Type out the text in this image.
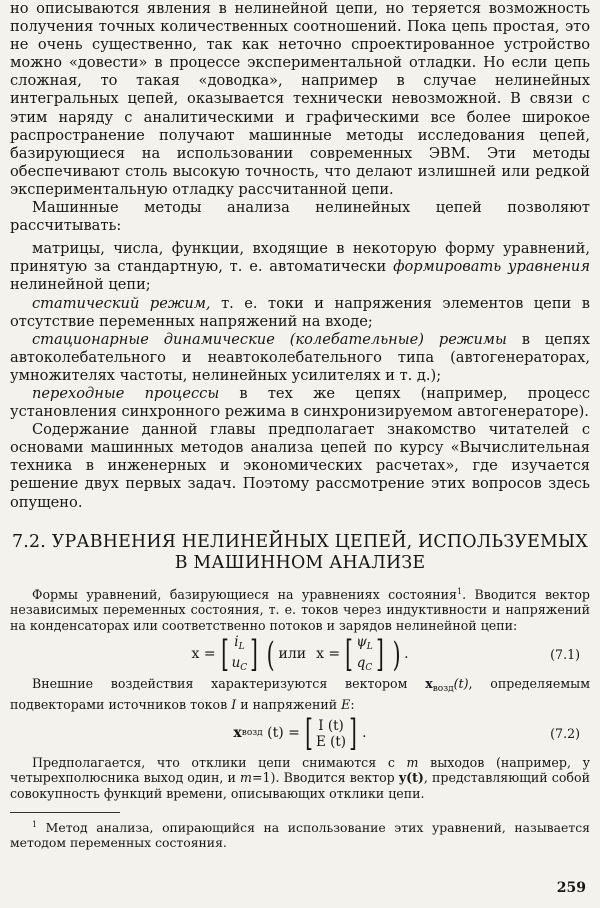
но описываются явления в нелинейной цепи, но теряется возможность получения точных количественных соотношений. Пока цепь простая, это не очень существенно, так как неточно спроектированное устройство можно «довести» в процессе экспериментальной отладки. Но если цепь сложная, то такая «доводка», например в случае нелинейных интегральных цепей, оказывается технически невозможной. В связи с этим наряду с аналитическими и графическими все более широкое распространение получают машинные методы исследования цепей, базирующиеся на использовании современных ЭВМ. Эти методы обеспечивают столь высокую точность, что делают излишней или редкой экспериментальную отладку рассчитанной цепи.

Машинные методы анализа нелинейных цепей позволяют рассчитывать:

матрицы, числа, функции, входящие в некоторую форму уравнений, принятую за стандартную, т. е. автоматически формировать уравнения нелинейной цепи;

статический режим, т. е. токи и напряжения элементов цепи в отсутствие переменных напряжений на входе;

стационарные динамические (колебательные) режимы в цепях автоколебательного и неавтоколебательного типа (автогенераторах, умножителях частоты, нелинейных усилителях и т. д.);

переходные процессы в тех же цепях (например, процесс установления синхронного режима в синхронизируемом автогенераторе).

Содержание данной главы предполагает знакомство читателей с основами машинных методов анализа цепей по курсу «Вычислительная техника в инженерных и экономических расчетах», где изучается решение двух первых задач. Поэтому рассмотрение этих вопросов здесь опущено.

7.2. УРАВНЕНИЯ НЕЛИНЕЙНЫХ ЦЕПЕЙ, ИСПОЛЬЗУЕМЫХ
В МАШИННОМ АНАЛИЗЕ

Формы уравнений, базирующиеся на уравнениях состояния$^1$. Вводится вектор независимых переменных состояния, т. е. токов через индуктивности и напряжений на конденсаторах или соответственно потоков и зарядов нелинейной цепи:

x = [ $i_L$
$u_C$ ] ( или x = [ $\psi_L$
$q_C$ ] ) .	(7.1)

Внешние воздействия характеризуются вектором $x_{возд}(t)$, определяемым подвекторами источников токов I и напряжений E:

x возд
(t) = [ I (t)
E (t) ] .	(7.2)

Предполагается, что отклики цепи снимаются с m выходов (например, у четырехполюсника выход один, и m=1). Вводится вектор y(t), представляющий собой совокупность функций времени, описывающих отклики цепи.

$^1$ Метод анализа, опирающийся на использование этих уравнений, называется методом переменных состояния.

259
